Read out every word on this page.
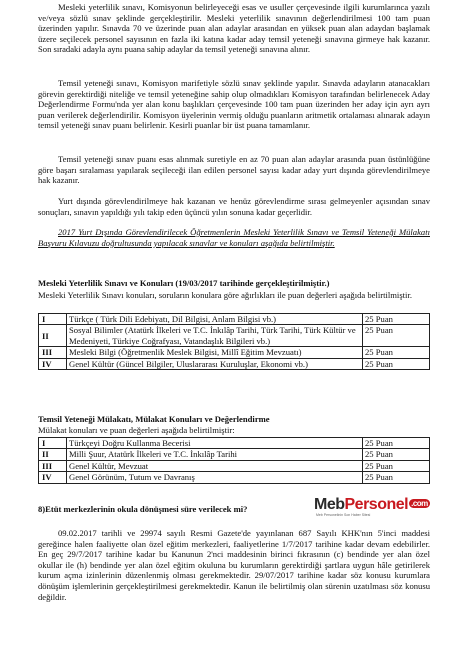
Mesleki yeterlilik sınavı, Komisyonun belirleyeceği esas ve usuller çerçevesinde ilgili kurumlarınca yazılı ve/veya sözlü sınav şeklinde gerçekleştirilir. Mesleki yeterlilik sınavının değerlendirilmesi 100 tam puan üzerinden yapılır. Sınavda 70 ve üzerinde puan alan adaylar arasından en yüksek puan alan adaydan başlamak üzere seçilecek personel sayısının en fazla iki katına kadar aday temsil yeteneği sınavına girmeye hak kazanır. Son sıradaki adayla aynı puana sahip adaylar da temsil yeteneği sınavına alınır.

Temsil yeteneği sınavı, Komisyon marifetiyle sözlü sınav şeklinde yapılır. Sınavda adayların atanacakları görevin gerektirdiği niteliğe ve temsil yeteneğine sahip olup olmadıkları Komisyon tarafından belirlenecek Aday Değerlendirme Formu'nda yer alan konu başlıkları çerçevesinde 100 tam puan üzerinden her aday için ayrı ayrı puan verilerek değerlendirilir. Komisyon üyelerinin vermiş olduğu puanların aritmetik ortalaması alınarak adayın temsil yeteneği sınav puanı belirlenir. Kesirli puanlar bir üst puana tamamlanır.

Temsil yeteneği sınav puanı esas alınmak suretiyle en az 70 puan alan adaylar arasında puan üstünlüğüne göre başarı sıralaması yapılarak seçileceği ilan edilen personel sayısı kadar aday yurt dışında görevlendirilmeye hak kazanır.

Yurt dışında görevlendirilmeye hak kazanan ve henüz görevlendirme sırası gelmeyenler açısından sınav sonuçları, sınavın yapıldığı yılı takip eden üçüncü yılın sonuna kadar geçerlidir.

2017 Yurt Dışında Görevlendirilecek Öğretmenlerin Mesleki Yeterlilik Sınavı ve Temsil Yeteneği Mülakatı Başvuru Kılavuzu doğrultusunda yapılacak sınavlar ve konuları aşağıda belirtilmiştir.

Mesleki Yeterlilik Sınavı ve Konuları (19/03/2017 tarihinde gerçekleştirilmiştir.)
Mesleki Yeterlilik Sınavı konuları, soruların konulara göre ağırlıkları ile puan değerleri aşağıda belirtilmiştir.
I	Türkçe ( Türk Dili Edebiyatı, Dil Bilgisi, Anlam Bilgisi vb.)	25 Puan
II	Sosyal Bilimler (Atatürk İlkeleri ve T.C. İnkılâp Tarihi, Türk Tarihi, Türk Kültür ve Medeniyeti, Türkiye Coğrafyası, Vatandaşlık Bilgileri vb.)	25 Puan
III	Mesleki Bilgi (Öğretmenlik Meslek Bilgisi, Millî Eğitim Mevzuatı)	25 Puan
IV	Genel Kültür (Güncel Bilgiler, Uluslararası Kuruluşlar, Ekonomi vb.)	25 Puan
Temsil Yeteneği Mülakatı, Mülakat Konuları ve Değerlendirme
Mülakat konuları ve puan değerleri aşağıda belirtilmiştir:
I	Türkçeyi Doğru Kullanma Becerisi	25 Puan
II	Milli Şuur, Atatürk İlkeleri ve T.C. İnkılâp Tarihi	25 Puan
III	Genel Kültür, Mevzuat	25 Puan
IV	Genel Görünüm, Tutum ve Davranış	25 Puan
8)Etüt merkezlerinin okula dönüşmesi süre verilecek mi?	MebPersonel .com
Meb Personelinin Son Haber Sitesi

09.02.2017 tarihli ve 29974 sayılı Resmi Gazete'de yayınlanan 687 Sayılı KHK'nın 5'inci maddesi gereğince halen faaliyette olan özel eğitim merkezleri, faaliyetlerine 1/7/2017 tarihine kadar devam edebilirler. En geç 29/7/2017 tarihine kadar bu Kanunun 2'nci maddesinin birinci fıkrasının (c) bendinde yer alan özel okullar ile (h) bendinde yer alan özel eğitim okuluna bu kurumların gerektirdiği şartlara uygun hâle getirilerek kurum açma izinlerinin düzenlenmiş olması gerekmektedir. 29/07/2017 tarihine kadar söz konusu kurumlara dönüşüm işlemlerinin gerçekleştirilmesi gerekmektedir. Kanun ile belirtilmiş olan sürenin uzatılması söz konusu değildir.
